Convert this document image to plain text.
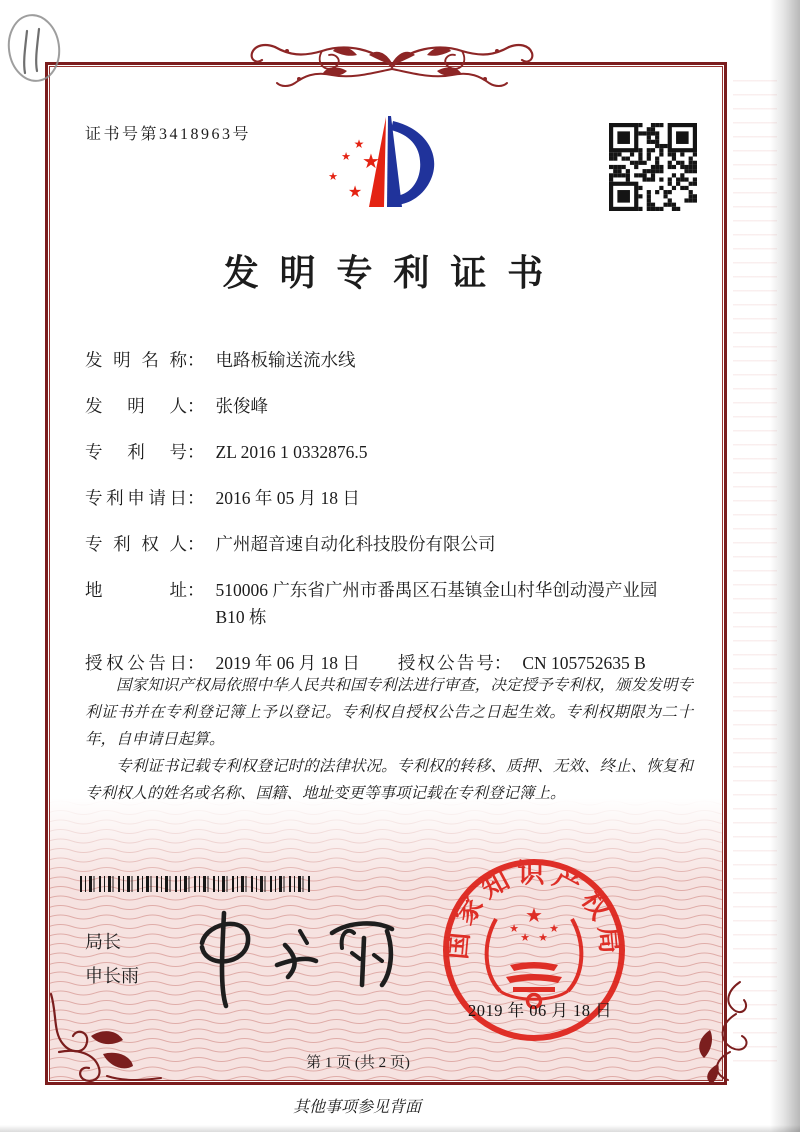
证书号第3418963号
★
★ ★
★
★
发明专利证书
发明名称 ： 电路板输送流水线
发明人 ： 张俊峰
专利号 ： ZL 2016 1 0332876.5
专利申请日 ： 2016 年 05 月 18 日
专利权人 ： 广州超音速自动化科技股份有限公司
地址 ： 510006 广东省广州市番禺区石基镇金山村华创动漫产业园 B10 栋
授权公告日 ： 2019 年 06 月 18 日 授权公告号 ： CN 105752635 B

国家知识产权局依照中华人民共和国专利法进行审查，决定授予专利权，颁发发明专利证书并在专利登记簿上予以登记。专利权自授权公告之日起生效。专利权期限为二十年，自申请日起算。

专利证书记载专利权登记时的法律状况。专利权的转移、质押、无效、终止、恢复和专利权人的姓名或名称、国籍、地址变更等事项记载在专利登记簿上。

局长
申长雨
国家知识产权局
★
★
★ ★
★
2019 年 06 月 18 日
第 1 页 (共 2 页)
其他事项参见背面
